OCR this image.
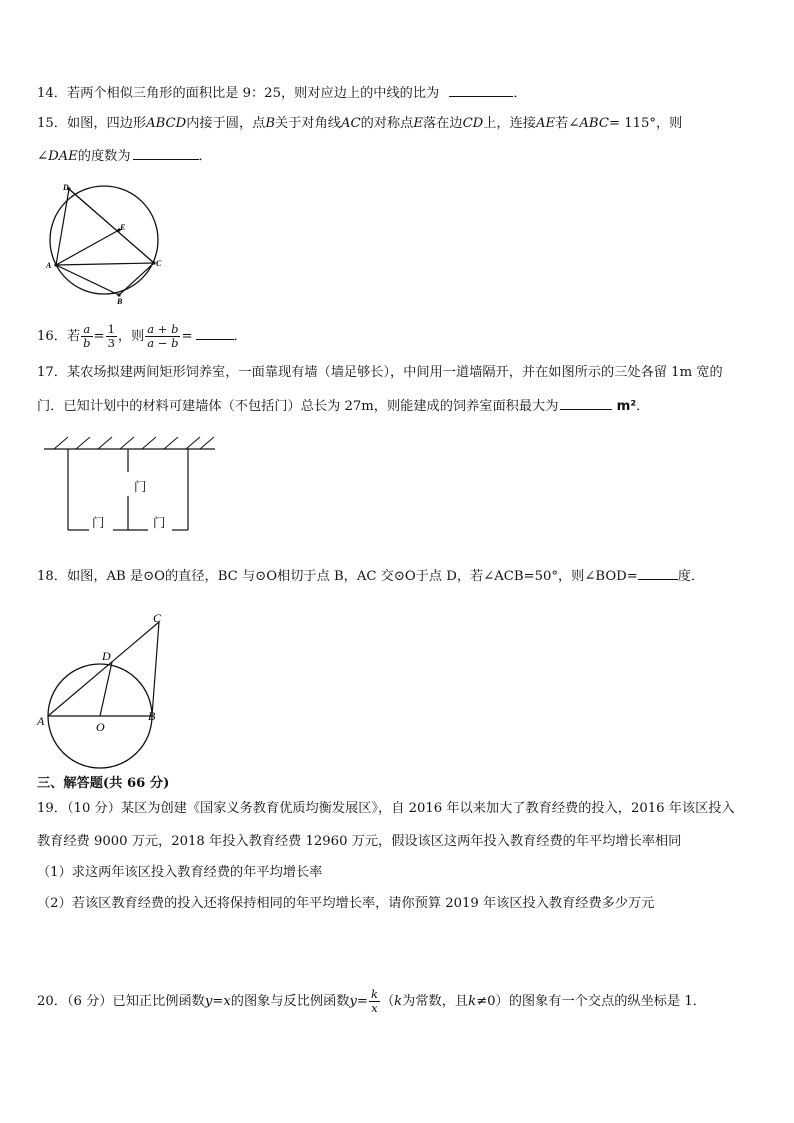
14．若两个相似三角形的面积比是 9：25，则对应边上的中线的比为	．
15．如图，四边形ABCD内接于圆，点B关于对角线AC的对称点E落在边CD上，连接AE若∠ABC= 115°，则
∠DAE的度数为	．
D
E
A	C
B
16．若 $\frac{a}{b} = \frac{1}{3}$ ，则 $\frac{a + b}{a - b}$ =	．
17．某农场拟建两间矩形饲养室，一面靠现有墙（墙足够长），中间用一道墙隔开，并在如图所示的三处各留 1m 宽的
门．已知计划中的材料可建墙体（不包括门）总长为 27m，则能建成的饲养室面积最大为	m²．
门
门	门
18．如图，AB 是⊙O的直径，BC 与⊙O相切于点 B，AC 交⊙O于点 D，若∠ACB=50°，则∠BOD=	度．
C
D
A	O
B
三、解答题(共 66 分)
19．（10 分）某区为创建《国家义务教育优质均衡发展区》，自 2016 年以来加大了教育经费的投入，2016 年该区投入
教育经费 9000 万元，2018 年投入教育经费 12960 万元，假设该区这两年投入教育经费的年平均增长率相同
（1）求这两年该区投入教育经费的年平均增长率
（2）若该区教育经费的投入还将保持相同的年平均增长率，请你预算 2019 年该区投入教育经费多少万元
20．（6 分）已知正比例函数y=x的图象与反比例函数$y= \frac{k}{x} (k$为常数，且k≠0）的图象有一个交点的纵坐标是 1．
